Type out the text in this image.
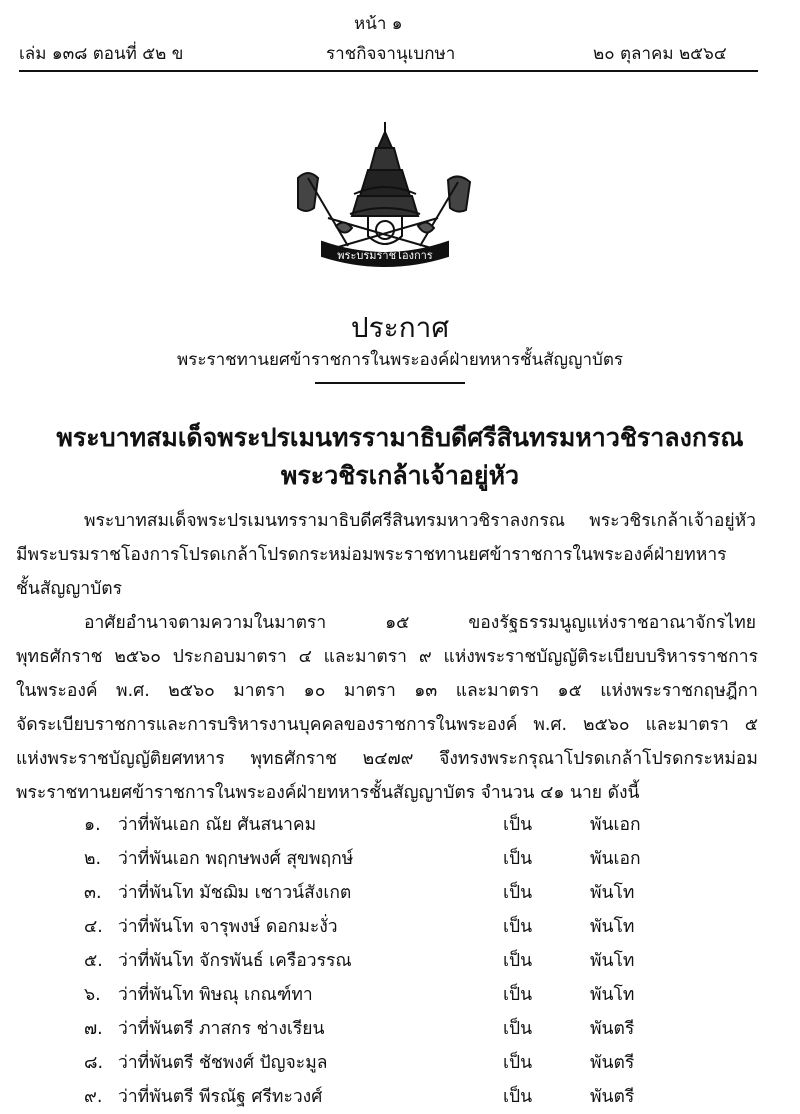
หน้า ๑
เล่ม ๑๓๘ ตอนที่ ๕๒ ข	ราชกิจจานุเบกษา	๒๐ ตุลาคม ๒๕๖๔
พระบรมราชโองการ
ประกาศ
พระราชทานยศข้าราชการในพระองค์ฝ่ายทหารชั้นสัญญาบัตร
พระบาทสมเด็จพระปรเมนทรรามาธิบดีศรีสินทรมหาวชิราลงกรณ
พระวชิรเกล้าเจ้าอยู่หัว
พระบาทสมเด็จพระปรเมนทรรามาธิบดีศรีสินทรมหาวชิราลงกรณ พระวชิรเกล้าเจ้าอยู่หัว
มีพระบรมราชโองการโปรดเกล้าโปรดกระหม่อมพระราชทานยศข้าราชการในพระองค์ฝ่ายทหาร
ชั้นสัญญาบัตร
อาศัยอำนาจตามความในมาตรา	๑๕	ของรัฐธรรมนูญแห่งราชอาณาจักรไทย
พุทธศักราช ๒๕๖๐ ประกอบมาตรา ๔ และมาตรา ๙ แห่งพระราชบัญญัติระเบียบบริหารราชการ
ในพระองค์ พ.ศ. ๒๕๖๐ มาตรา ๑๐ มาตรา ๑๓ และมาตรา ๑๕ แห่งพระราชกฤษฎีกา
จัดระเบียบราชการและการบริหารงานบุคคลของราชการในพระองค์ พ.ศ. ๒๕๖๐ และมาตรา ๕
แห่งพระราชบัญญัติยศทหาร พุทธศักราช ๒๔๗๙ จึงทรงพระกรุณาโปรดเกล้าโปรดกระหม่อม
พระราชทานยศข้าราชการในพระองค์ฝ่ายทหารชั้นสัญญาบัตร จำนวน ๔๑ นาย ดังนี้
๑. ว่าที่พันเอก ณัย ศันสนาคม	เป็น	พันเอก
๒. ว่าที่พันเอก พฤกษพงศ์ สุขพฤกษ์	เป็น	พันเอก
๓. ว่าที่พันโท มัชฌิม เชาวน์สังเกต	เป็น	พันโท
๔. ว่าที่พันโท จารุพงษ์ ดอกมะงั่ว	เป็น	พันโท
๕. ว่าที่พันโท จักรพันธ์ เครือวรรณ	เป็น	พันโท
๖. ว่าที่พันโท พิษณุ เกณฑ์ทา	เป็น	พันโท
๗. ว่าที่พันตรี ภาสกร ช่างเรียน	เป็น	พันตรี
๘. ว่าที่พันตรี ชัชพงศ์ ปัญจะมูล	เป็น	พันตรี
๙. ว่าที่พันตรี พีรณัฐ ศรีทะวงศ์	เป็น	พันตรี
